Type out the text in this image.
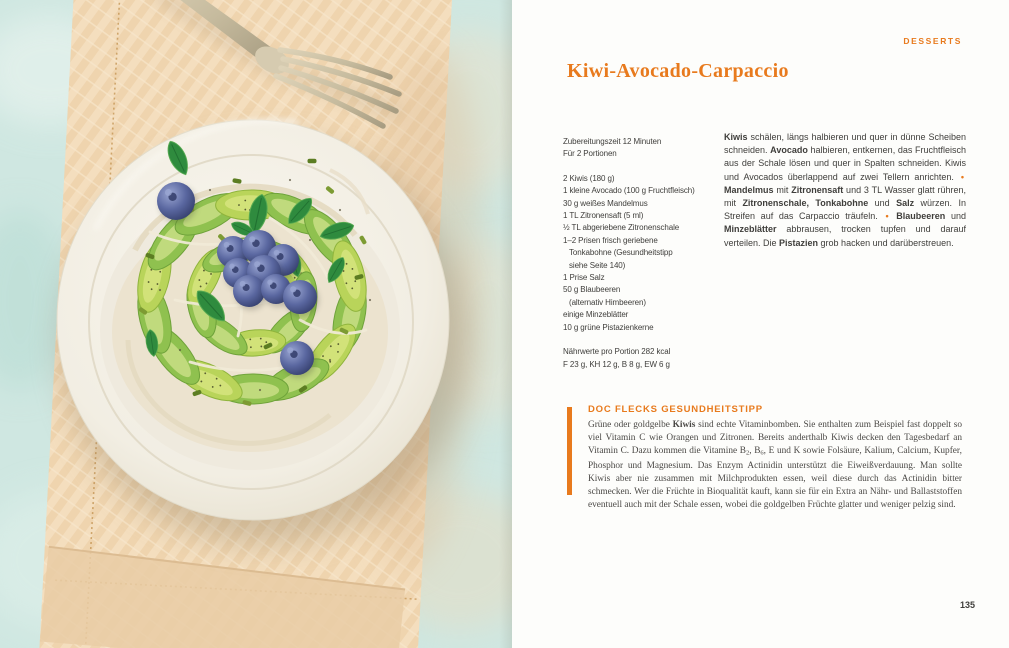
DESSERTS
Kiwi-Avocado-Carpaccio
Zubereitungszeit 12 Minuten
Für 2 Portionen
2 Kiwis (180 g)
1 kleine Avocado (100 g Fruchtfleisch)
30 g weißes Mandelmus
1 TL Zitronensaft (5 ml)
½ TL abgeriebene Zitronenschale
1–2 Prisen frisch geriebene
Tonkabohne (Gesundheitstipp
siehe Seite 140)
1 Prise Salz
50 g Blaubeeren
(alternativ Himbeeren)
einige Minzeblätter
10 g grüne Pistazienkerne
Nährwerte pro Portion 282 kcal
F 23 g, KH 12 g, B 8 g, EW 6 g

Kiwis schälen, längs halbieren und quer in dünne Scheiben schneiden. Avocado halbieren, entkernen, das Fruchtfleisch aus der Schale lösen und quer in Spalten schneiden. Kiwis und Avocados überlappend auf zwei Tellern anrichten. • Mandelmus mit Zitronensaft und 3 TL Wasser glatt rühren, mit Zitronenschale, Tonkabohne und Salz würzen. In Streifen auf das Carpaccio träufeln. • Blaubeeren und Minzeblätter abbrausen, trocken tupfen und darauf verteilen. Die Pistazien grob hacken und darüberstreuen.

DOC FLECKS GESUNDHEITSTIPP

Grüne oder goldgelbe Kiwis sind echte Vitaminbomben. Sie enthalten zum Beispiel fast doppelt so viel Vitamin C wie Orangen und Zitronen. Bereits anderthalb Kiwis decken den Tagesbedarf an Vitamin C. Dazu kommen die Vitamine $B_2$, $B_6$, E und K sowie Folsäure, Kalium, Calcium, Kupfer, Phosphor und Magnesium. Das Enzym Actinidin unterstützt die Eiweißverdauung. Man sollte Kiwis aber nie zusammen mit Milchprodukten essen, weil diese durch das Actinidin bitter schmecken. Wer die Früchte in Bioqualität kauft, kann sie für ein Extra an Nähr- und Ballaststoffen eventuell auch mit der Schale essen, wobei die goldgelben Früchte glatter und weniger pelzig sind.

135
